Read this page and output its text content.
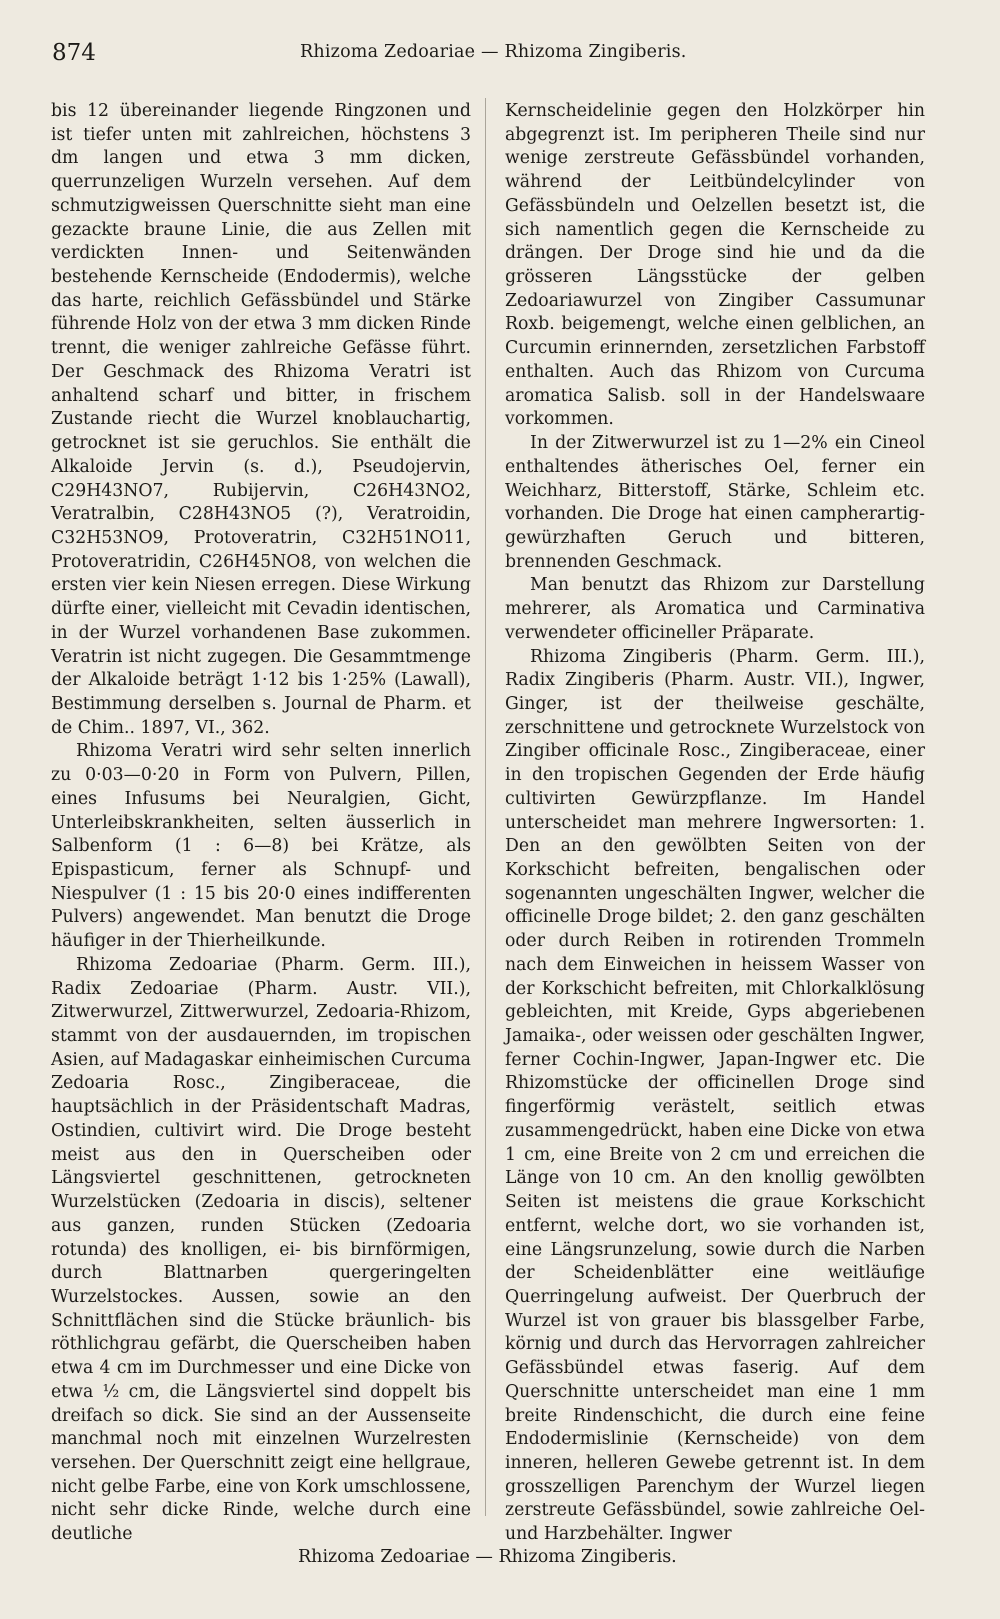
874	Rhizoma Zedoariae — Rhizoma Zingiberis.

bis 12 übereinander liegende Ringzonen und ist tiefer unten mit zahlreichen, höchstens 3 dm langen und etwa 3 mm dicken, querrunzeligen Wurzeln versehen. Auf dem schmutzigweissen Querschnitte sieht man eine gezackte braune Linie, die aus Zellen mit verdickten Innen- und Seitenwänden bestehende Kernscheide (Endodermis), welche das harte, reichlich Gefässbündel und Stärke führende Holz von der etwa 3 mm dicken Rinde trennt, die weniger zahlreiche Gefässe führt. Der Geschmack des Rhizoma Veratri ist anhaltend scharf und bitter, in frischem Zustande riecht die Wurzel knoblauchartig, getrocknet ist sie geruchlos. Sie enthält die Alkaloide Jervin (s. d.), Pseudojervin, C29H43NO7, Rubijervin, C26H43NO2, Veratralbin, C28H43NO5 (?), Veratroidin, C32H53NO9, Protoveratrin, C32H51NO11, Protoveratridin, C26H45NO8, von welchen die ersten vier kein Niesen erregen. Diese Wirkung dürfte einer, vielleicht mit Cevadin identischen, in der Wurzel vorhandenen Base zukommen. Veratrin ist nicht zugegen. Die Gesammtmenge der Alkaloide beträgt 1·12 bis 1·25% (Lawall), Bestimmung derselben s. Journal de Pharm. et de Chim.. 1897, VI., 362.

Rhizoma Veratri wird sehr selten innerlich zu 0·03—0·20 in Form von Pulvern, Pillen, eines Infusums bei Neuralgien, Gicht, Unterleibskrankheiten, selten äusserlich in Salbenform (1 : 6—8) bei Krätze, als Epispasticum, ferner als Schnupf- und Niespulver (1 : 15 bis 20·0 eines indifferenten Pulvers) angewendet. Man benutzt die Droge häufiger in der Thierheilkunde.

Rhizoma Zedoariae (Pharm. Germ. III.), Radix Zedoariae (Pharm. Austr. VII.), Zitwerwurzel, Zittwerwurzel, Zedoaria-Rhizom, stammt von der ausdauernden, im tropischen Asien, auf Madagaskar einheimischen Curcuma Zedoaria Rosc., Zingiberaceae, die hauptsächlich in der Präsidentschaft Madras, Ostindien, cultivirt wird. Die Droge besteht meist aus den in Querscheiben oder Längsviertel geschnittenen, getrockneten Wurzelstücken (Zedoaria in discis), seltener aus ganzen, runden Stücken (Zedoaria rotunda) des knolligen, ei- bis birnförmigen, durch Blattnarben quergeringelten Wurzelstockes. Aussen, sowie an den Schnittflächen sind die Stücke bräunlich- bis röthlichgrau gefärbt, die Querscheiben haben etwa 4 cm im Durchmesser und eine Dicke von etwa ½ cm, die Längsviertel sind doppelt bis dreifach so dick. Sie sind an der Aussenseite manchmal noch mit einzelnen Wurzelresten versehen. Der Querschnitt zeigt eine hellgraue, nicht gelbe Farbe, eine von Kork umschlossene, nicht sehr dicke Rinde, welche durch eine deutliche

Kernscheidelinie gegen den Holzkörper hin abgegrenzt ist. Im peripheren Theile sind nur wenige zerstreute Gefässbündel vorhanden, während der Leitbündelcylinder von Gefässbündeln und Oelzellen besetzt ist, die sich namentlich gegen die Kernscheide zu drängen. Der Droge sind hie und da die grösseren Längsstücke der gelben Zedoariawurzel von Zingiber Cassumunar Roxb. beigemengt, welche einen gelblichen, an Curcumin erinnernden, zersetzlichen Farbstoff enthalten. Auch das Rhizom von Curcuma aromatica Salisb. soll in der Handelswaare vorkommen.

In der Zitwerwurzel ist zu 1—2% ein Cineol enthaltendes ätherisches Oel, ferner ein Weichharz, Bitterstoff, Stärke, Schleim etc. vorhanden. Die Droge hat einen campherartig-gewürzhaften Geruch und bitteren, brennenden Geschmack.

Man benutzt das Rhizom zur Darstellung mehrerer, als Aromatica und Carminativa verwendeter officineller Präparate.

Rhizoma Zingiberis (Pharm. Germ. III.), Radix Zingiberis (Pharm. Austr. VII.), Ingwer, Ginger, ist der theilweise geschälte, zerschnittene und getrocknete Wurzelstock von Zingiber officinale Rosc., Zingiberaceae, einer in den tropischen Gegenden der Erde häufig cultivirten Gewürzpflanze. Im Handel unterscheidet man mehrere Ingwersorten: 1. Den an den gewölbten Seiten von der Korkschicht befreiten, bengalischen oder sogenannten ungeschälten Ingwer, welcher die officinelle Droge bildet; 2. den ganz geschälten oder durch Reiben in rotirenden Trommeln nach dem Einweichen in heissem Wasser von der Korkschicht befreiten, mit Chlorkalklösung gebleichten, mit Kreide, Gyps abgeriebenen Jamaika-, oder weissen oder geschälten Ingwer, ferner Cochin-Ingwer, Japan-Ingwer etc. Die Rhizomstücke der officinellen Droge sind fingerförmig verästelt, seitlich etwas zusammengedrückt, haben eine Dicke von etwa 1 cm, eine Breite von 2 cm und erreichen die Länge von 10 cm. An den knollig gewölbten Seiten ist meistens die graue Korkschicht entfernt, welche dort, wo sie vorhanden ist, eine Längsrunzelung, sowie durch die Narben der Scheidenblätter eine weitläufige Querringelung aufweist. Der Querbruch der Wurzel ist von grauer bis blassgelber Farbe, körnig und durch das Hervorragen zahlreicher Gefässbündel etwas faserig. Auf dem Querschnitte unterscheidet man eine 1 mm breite Rindenschicht, die durch eine feine Endodermislinie (Kernscheide) von dem inneren, helleren Gewebe getrennt ist. In dem grosszelligen Parenchym der Wurzel liegen zerstreute Gefässbündel, sowie zahlreiche Oel- und Harzbehälter. Ingwer

Rhizoma Zedoariae — Rhizoma Zingiberis.
